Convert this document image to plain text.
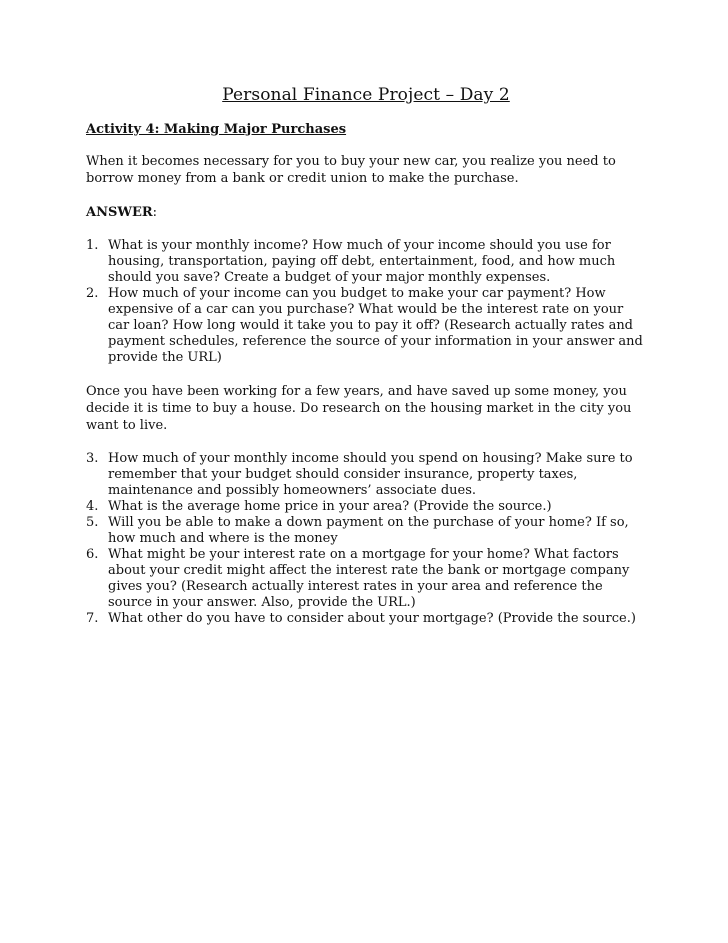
Personal Finance Project – Day 2
Activity 4: Making Major Purchases
When it becomes necessary for you to buy your new car, you realize you need to borrow money from a bank or credit union to make the purchase.
ANSWER:
1. What is your monthly income? How much of your income should you use for housing, transportation, paying off debt, entertainment, food, and how much should you save? Create a budget of your major monthly expenses.
2. How much of your income can you budget to make your car payment? How expensive of a car can you purchase? What would be the interest rate on your car loan? How long would it take you to pay it off? (Research actually rates and payment schedules, reference the source of your information in your answer and provide the URL)
Once you have been working for a few years, and have saved up some money, you decide it is time to buy a house. Do research on the housing market in the city you want to live.
3. How much of your monthly income should you spend on housing? Make sure to remember that your budget should consider insurance, property taxes, maintenance and possibly homeowners’ associate dues.
4. What is the average home price in your area? (Provide the source.)
5. Will you be able to make a down payment on the purchase of your home? If so, how much and where is the money
6. What might be your interest rate on a mortgage for your home? What factors about your credit might affect the interest rate the bank or mortgage company gives you? (Research actually interest rates in your area and reference the source in your answer. Also, provide the URL.)
7. What other do you have to consider about your mortgage? (Provide the source.)
